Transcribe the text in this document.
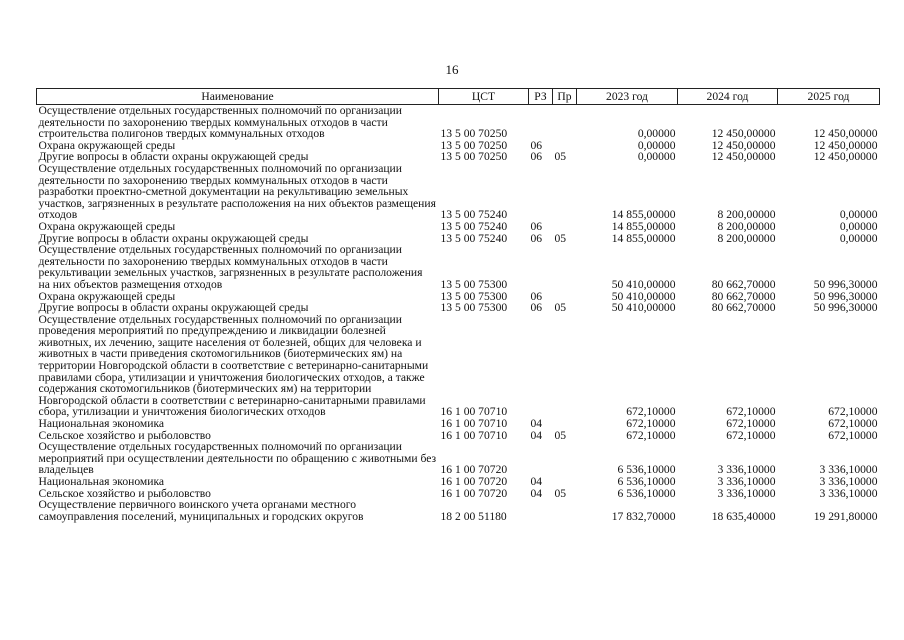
16
Наименование	ЦСТ	РЗ	Пр	2023 год	2024 год	2025 год
Осуществление отдельных государственных полномочий по организации деятельности по захоронению твердых коммунальных отходов в части строительства полигонов твердых коммунальных отходов	13 5 00 70250			0,00000	12 450,00000	12 450,00000
Охрана окружающей среды	13 5 00 70250	06		0,00000	12 450,00000	12 450,00000
Другие вопросы в области охраны окружающей среды	13 5 00 70250	06	05	0,00000	12 450,00000	12 450,00000
Осуществление отдельных государственных полномочий по организации деятельности по захоронению твердых коммунальных отходов в части разработки проектно-сметной документации на рекультивацию земельных участков, загрязненных в результате расположения на них объектов размещения отходов	13 5 00 75240			14 855,00000	8 200,00000	0,00000
Охрана окружающей среды	13 5 00 75240	06		14 855,00000	8 200,00000	0,00000
Другие вопросы в области охраны окружающей среды	13 5 00 75240	06	05	14 855,00000	8 200,00000	0,00000
Осуществление отдельных государственных полномочий по организации деятельности по захоронению твердых коммунальных отходов в части рекультивации земельных участков, загрязненных в результате расположения на них объектов размещения отходов	13 5 00 75300			50 410,00000	80 662,70000	50 996,30000
Охрана окружающей среды	13 5 00 75300	06		50 410,00000	80 662,70000	50 996,30000
Другие вопросы в области охраны окружающей среды	13 5 00 75300	06	05	50 410,00000	80 662,70000	50 996,30000
Осуществление отдельных государственных полномочий по организации проведения мероприятий по предупреждению и ликвидации болезней животных, их лечению, защите населения от болезней, общих для человека и животных в части приведения скотомогильников (биотермических ям) на территории Новгородской области в соответствие с ветеринарно-санитарными правилами сбора, утилизации и уничтожения биологических отходов, а также содержания скотомогильников (биотермических ям) на территории Новгородской области в соответствии с ветеринарно-санитарными правилами сбора, утилизации и уничтожения биологических отходов	16 1 00 70710			672,10000	672,10000	672,10000
Национальная экономика	16 1 00 70710	04		672,10000	672,10000	672,10000
Сельское хозяйство и рыболовство	16 1 00 70710	04	05	672,10000	672,10000	672,10000
Осуществление отдельных государственных полномочий по организации мероприятий при осуществлении деятельности по обращению с животными без владельцев	16 1 00 70720			6 536,10000	3 336,10000	3 336,10000
Национальная экономика	16 1 00 70720	04		6 536,10000	3 336,10000	3 336,10000
Сельское хозяйство и рыболовство	16 1 00 70720	04	05	6 536,10000	3 336,10000	3 336,10000
Осуществление первичного воинского учета органами местного самоуправления поселений, муниципальных и городских округов	18 2 00 51180			17 832,70000	18 635,40000	19 291,80000
